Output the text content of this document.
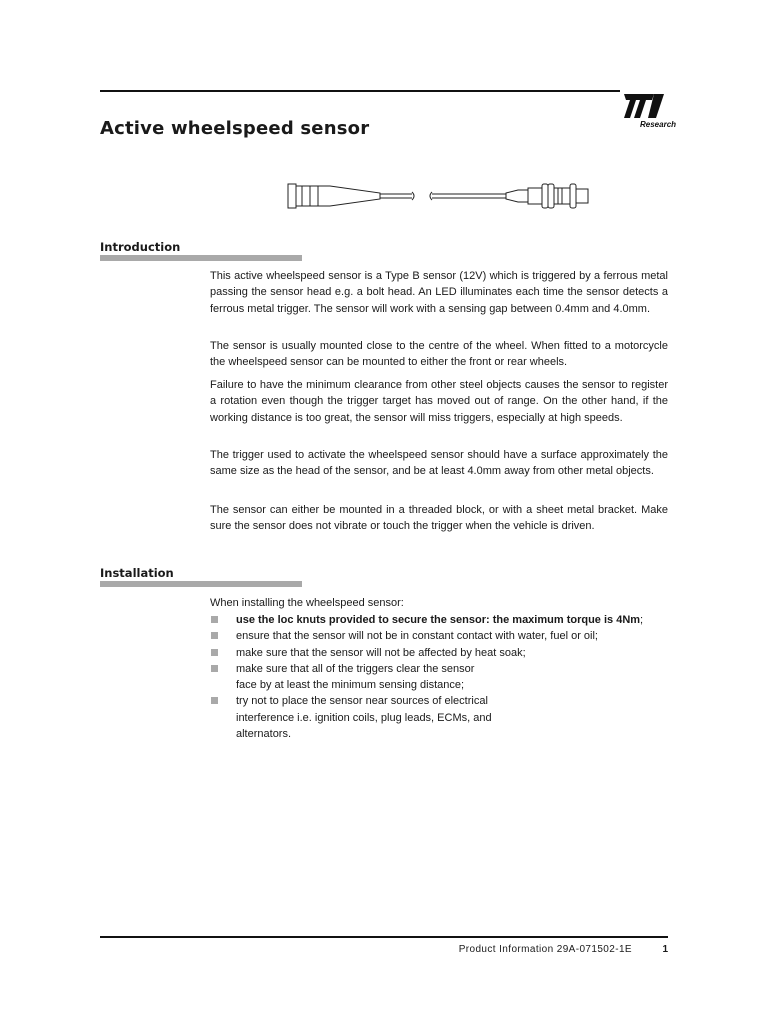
Research
Active wheelspeed sensor
Introduction

This active wheelspeed sensor is a Type B sensor (12V) which is triggered by a ferrous metal passing the sensor head e.g. a bolt head. An LED illuminates each time the sensor detects a ferrous metal trigger. The sensor will work with a sensing gap between 0.4mm and 4.0mm.

The sensor is usually mounted close to the centre of the wheel. When fitted to a motorcycle the wheelspeed sensor can be mounted to either the front or rear wheels.

Failure to have the minimum clearance from other steel objects causes the sensor to register a rotation even though the trigger target has moved out of range. On the other hand, if the working distance is too great, the sensor will miss triggers, especially at high speeds.

The trigger used to activate the wheelspeed sensor should have a surface approximately the same size as the head of the sensor, and be at least 4.0mm away from other metal objects.

The sensor can either be mounted in a threaded block, or with a sheet metal bracket. Make sure the sensor does not vibrate or touch the trigger when the vehicle is driven.

Installation

When installing the wheelspeed sensor:

use the loc knuts provided to secure the sensor: the maximum torque is 4Nm;
ensure that the sensor will not be in constant contact with water, fuel or oil;
make sure that the sensor will not be affected by heat soak;
make sure that all of the triggers clear the sensor face by at least the minimum sensing distance;
try not to place the sensor near sources of electrical interference i.e. ignition coils, plug leads, ECMs, and alternators.
Product Information 29A-071502-1E	1
